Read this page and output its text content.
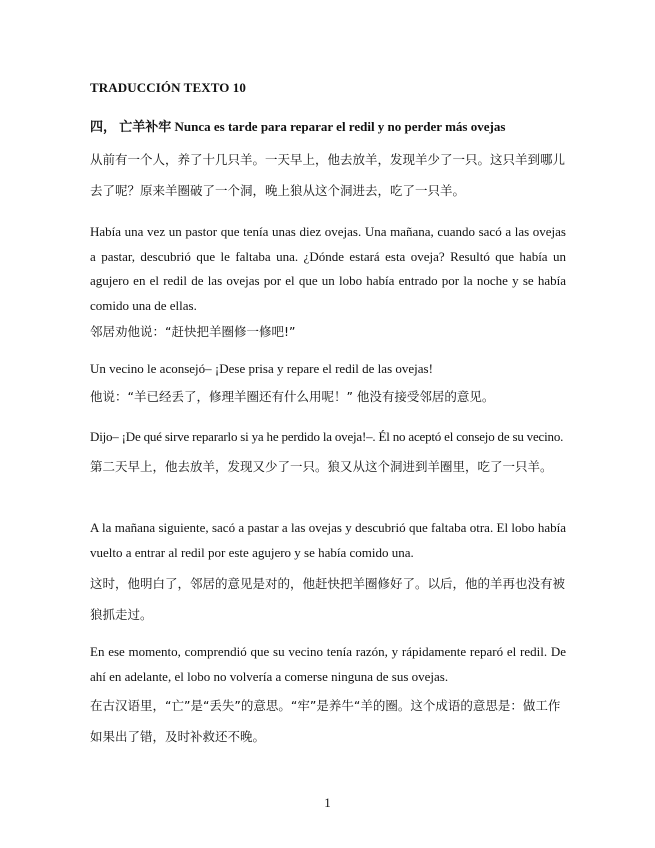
TRADUCCIÓN TEXTO 10
四， 亡羊补牢 Nunca es tarde para reparar el redil y no perder más ovejas

从前有一个人，养了十几只羊。一天早上，他去放羊，发现羊少了一只。这只羊到哪儿去了呢？原来羊圈破了一个洞，晚上狼从这个洞进去，吃了一只羊。

Había una vez un pastor que tenía unas diez ovejas. Una mañana, cuando sacó a las ovejas a pastar, descubrió que le faltaba una. ¿Dónde estará esta oveja? Resultó que había un agujero en el redil de las ovejas por el que un lobo había entrado por la noche y se había comido una de ellas.

邻居劝他说：“赶快把羊圈修一修吧!”

Un vecino le aconsejó– ¡Dese prisa y repare el redil de las ovejas!

他说：“羊已经丢了，修理羊圈还有什么用呢！” 他没有接受邻居的意见。

Dijo– ¡De qué sirve repararlo si ya he perdido la oveja!–. Él no aceptó el consejo de su vecino.

第二天早上，他去放羊，发现又少了一只。狼又从这个洞进到羊圈里，吃了一只羊。

A la mañana siguiente, sacó a pastar a las ovejas y descubrió que faltaba otra. El lobo había vuelto a entrar al redil por este agujero y se había comido una.

这时，他明白了，邻居的意见是对的，他赶快把羊圈修好了。以后，他的羊再也没有被狼抓走过。

En ese momento, comprendió que su vecino tenía razón, y rápidamente reparó el redil. De ahí en adelante, el lobo no volvería a comerse ninguna de sus ovejas.

在古汉语里，“亡”是“丢失”的意思。“牢”是养牛“羊的圈。这个成语的意思是：做工作如果出了错，及时补救还不晚。

1
